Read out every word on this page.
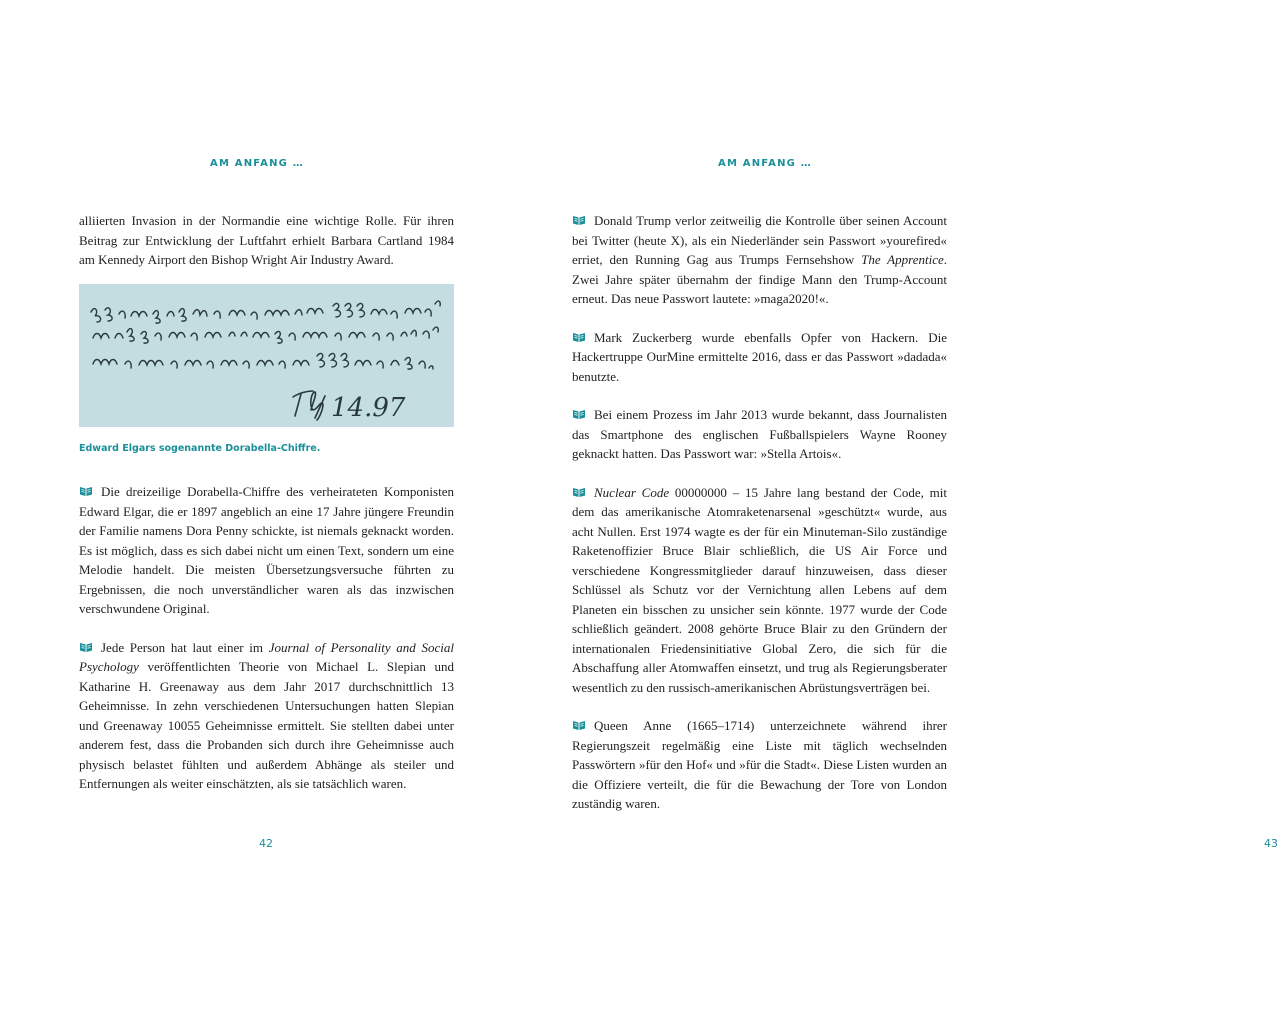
AM ANFANG …

alliierten Invasion in der Normandie eine wichtige Rolle. Für ihren Beitrag zur Entwicklung der Luftfahrt erhielt Barbara Cartland 1984 am Kennedy Airport den Bishop Wright Air Industry Award.

14.97
Edward Elgars sogenannte Dorabella-Chiffre.

Die dreizeilige Dorabella-Chiffre des verheirateten Komponisten Edward Elgar, die er 1897 angeblich an eine 17 Jahre jüngere Freundin der Familie namens Dora Penny schickte, ist niemals geknackt worden. Es ist möglich, dass es sich dabei nicht um einen Text, sondern um eine Melodie handelt. Die meisten Übersetzungsversuche führten zu Ergebnissen, die noch unverständlicher waren als das inzwischen verschwundene Original.

Jede Person hat laut einer im Journal of Personality and Social Psychology veröffentlichten Theorie von Michael L. Slepian und Katharine H. Greenaway aus dem Jahr 2017 durchschnittlich 13 Geheimnisse. In zehn verschiedenen Untersuchungen hatten Slepian und Greenaway 10055 Geheimnisse ermittelt. Sie stellten dabei unter anderem fest, dass die Probanden sich durch ihre Geheimnisse auch physisch belastet fühlten und außerdem Abhänge als steiler und Entfernungen als weiter einschätzten, als sie tatsächlich waren.

42
AM ANFANG …

Donald Trump verlor zeitweilig die Kontrolle über seinen Account bei Twitter (heute X), als ein Niederländer sein Passwort »yourefired« erriet, den Running Gag aus Trumps Fernsehshow The Apprentice. Zwei Jahre später übernahm der findige Mann den Trump-Account erneut. Das neue Passwort lautete: »maga2020!«.

Mark Zuckerberg wurde ebenfalls Opfer von Hackern. Die Hackertruppe OurMine ermittelte 2016, dass er das Passwort »dadada« benutzte.

Bei einem Prozess im Jahr 2013 wurde bekannt, dass Journalisten das Smartphone des englischen Fußballspielers Wayne Rooney geknackt hatten. Das Passwort war: »Stella Artois«.

Nuclear Code 00000000 – 15 Jahre lang bestand der Code, mit dem das amerikanische Atomraketenarsenal »geschützt« wurde, aus acht Nullen. Erst 1974 wagte es der für ein Minuteman-Silo zuständige Raketenoffizier Bruce Blair schließlich, die US Air Force und verschiedene Kongressmitglieder darauf hinzuweisen, dass dieser Schlüssel als Schutz vor der Vernichtung allen Lebens auf dem Planeten ein bisschen zu unsicher sein könnte. 1977 wurde der Code schließlich geändert. 2008 gehörte Bruce Blair zu den Gründern der internationalen Friedensinitiative Global Zero, die sich für die Abschaffung aller Atomwaffen einsetzt, und trug als Regierungsberater wesentlich zu den russisch-amerikanischen Abrüstungsverträgen bei.

Queen Anne (1665–1714) unterzeichnete während ihrer Regierungszeit regelmäßig eine Liste mit täglich wechselnden Passwörtern »für den Hof« und »für die Stadt«. Diese Listen wurden an die Offiziere verteilt, die für die Bewachung der Tore von London zuständig waren.

43
